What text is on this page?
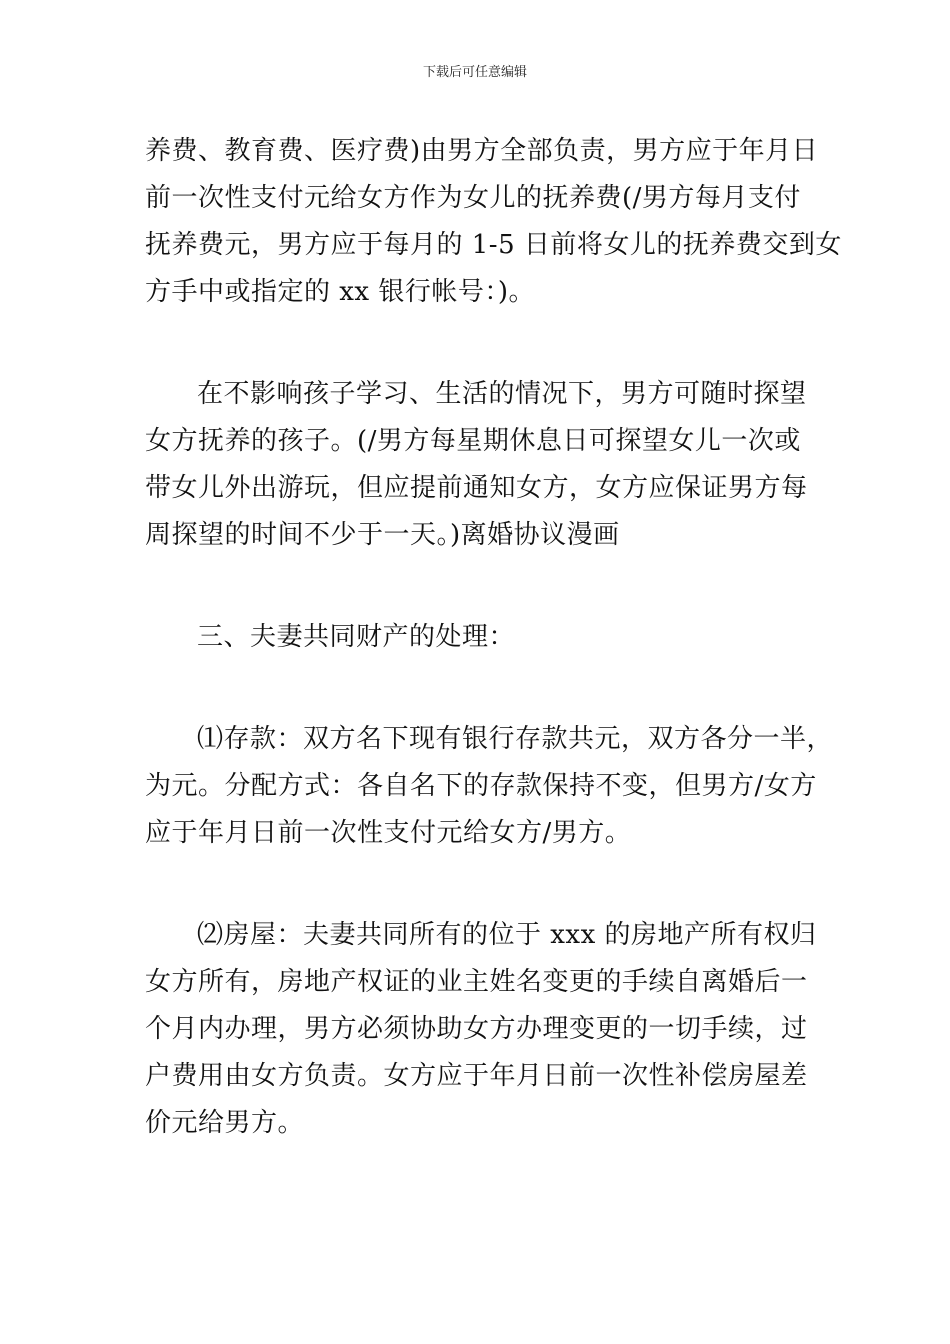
下载后可任意编辑
养费、教育费、医疗费)由男方全部负责，男方应于年月日
前一次性支付元给女方作为女儿的抚养费(/男方每月支付
抚养费元，男方应于每月的 1-5 日前将女儿的抚养费交到女
方手中或指定的 xx 银行帐号：)。
在不影响孩子学习、生活的情况下，男方可随时探望
女方抚养的孩子。(/男方每星期休息日可探望女儿一次或
带女儿外出游玩，但应提前通知女方，女方应保证男方每
周探望的时间不少于一天。)离婚协议漫画
三、夫妻共同财产的处理：
⑴存款：双方名下现有银行存款共元，双方各分一半，
为元。分配方式：各自名下的存款保持不变，但男方/女方
应于年月日前一次性支付元给女方/男方。
⑵房屋：夫妻共同所有的位于 xxx 的房地产所有权归
女方所有，房地产权证的业主姓名变更的手续自离婚后一
个月内办理，男方必须协助女方办理变更的一切手续，过
户费用由女方负责。女方应于年月日前一次性补偿房屋差
价元给男方。
